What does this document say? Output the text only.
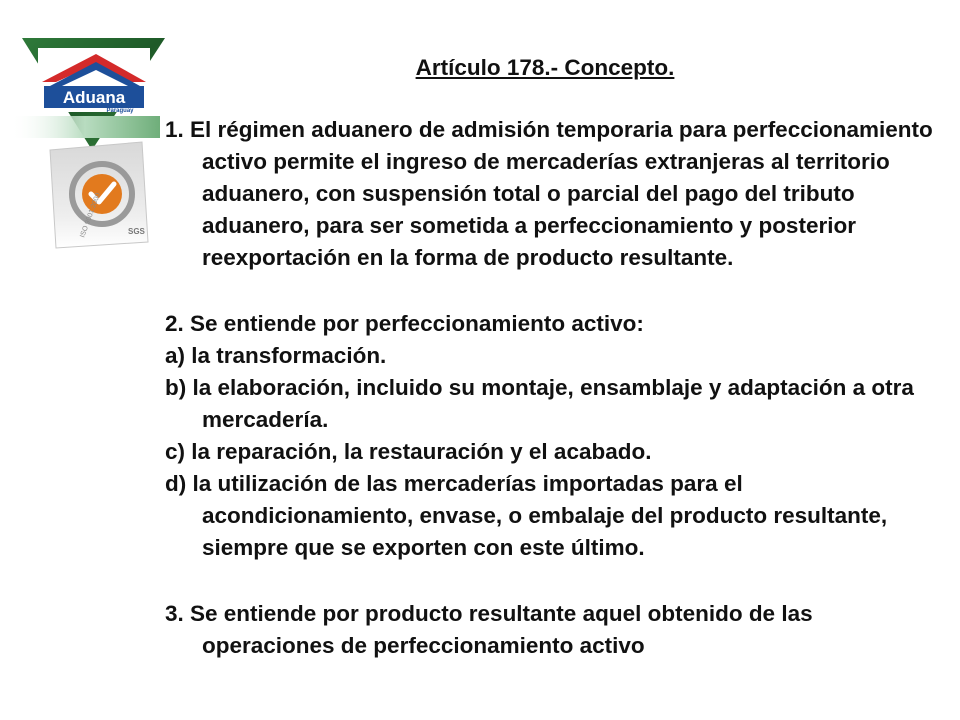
Aduana
Paraguay
ISO 9001:2000	SGS
Artículo 178.- Concepto.

1. El régimen aduanero de admisión temporaria para perfeccionamiento activo permite el ingreso de mercaderías extranjeras al territorio aduanero, con suspensión total o parcial del pago del tributo aduanero, para ser sometida a perfeccionamiento y posterior reexportación en la forma de producto resultante.

2. Se entiende por perfeccionamiento activo:

a) la transformación.

b) la elaboración, incluido su montaje, ensamblaje y adaptación a otra mercadería.

c) la reparación, la restauración y el acabado.

d) la utilización de las mercaderías importadas para el acondicionamiento, envase, o embalaje del producto resultante, siempre que se exporten con este último.

3. Se entiende por producto resultante aquel obtenido de las operaciones de perfeccionamiento activo
